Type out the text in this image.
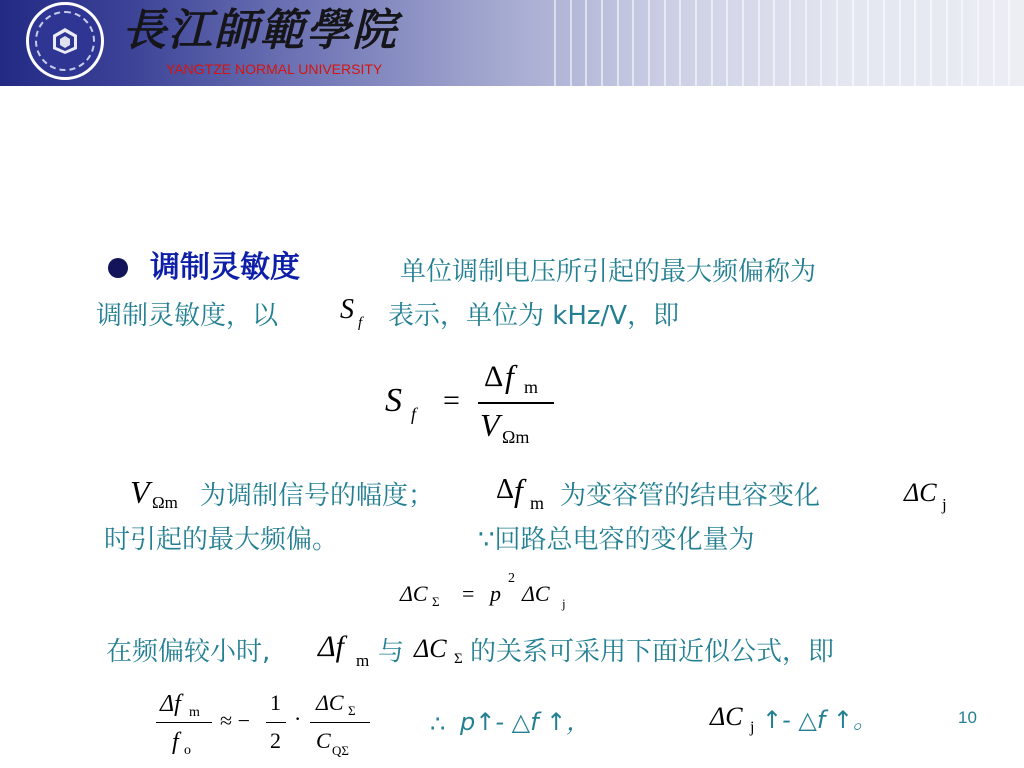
長江師範學院
YANGTZE NORMAL UNIVERSITY
调制灵敏度	单位调制电压所引起的最大频偏称为
调制灵敏度，以 S f 表示，单位为 kHz/V，即
S f =
Δ f m
V Ωm
V Ωm 为调制信号的幅度； Δ f m 为变容管的结电容变化	ΔC j
时引起的最大频偏。	∵回路总电容的变化量为
ΔC Σ = p
2
ΔC j
在频偏较小时, Δf m 与 ΔC Σ 的关系可采用下面近似公式，即
Δf m
f o
≈ −
1
2
·
ΔC Σ
C QΣ
∴ p↑- △f ↑，	ΔC j ↑- △f ↑。	10
